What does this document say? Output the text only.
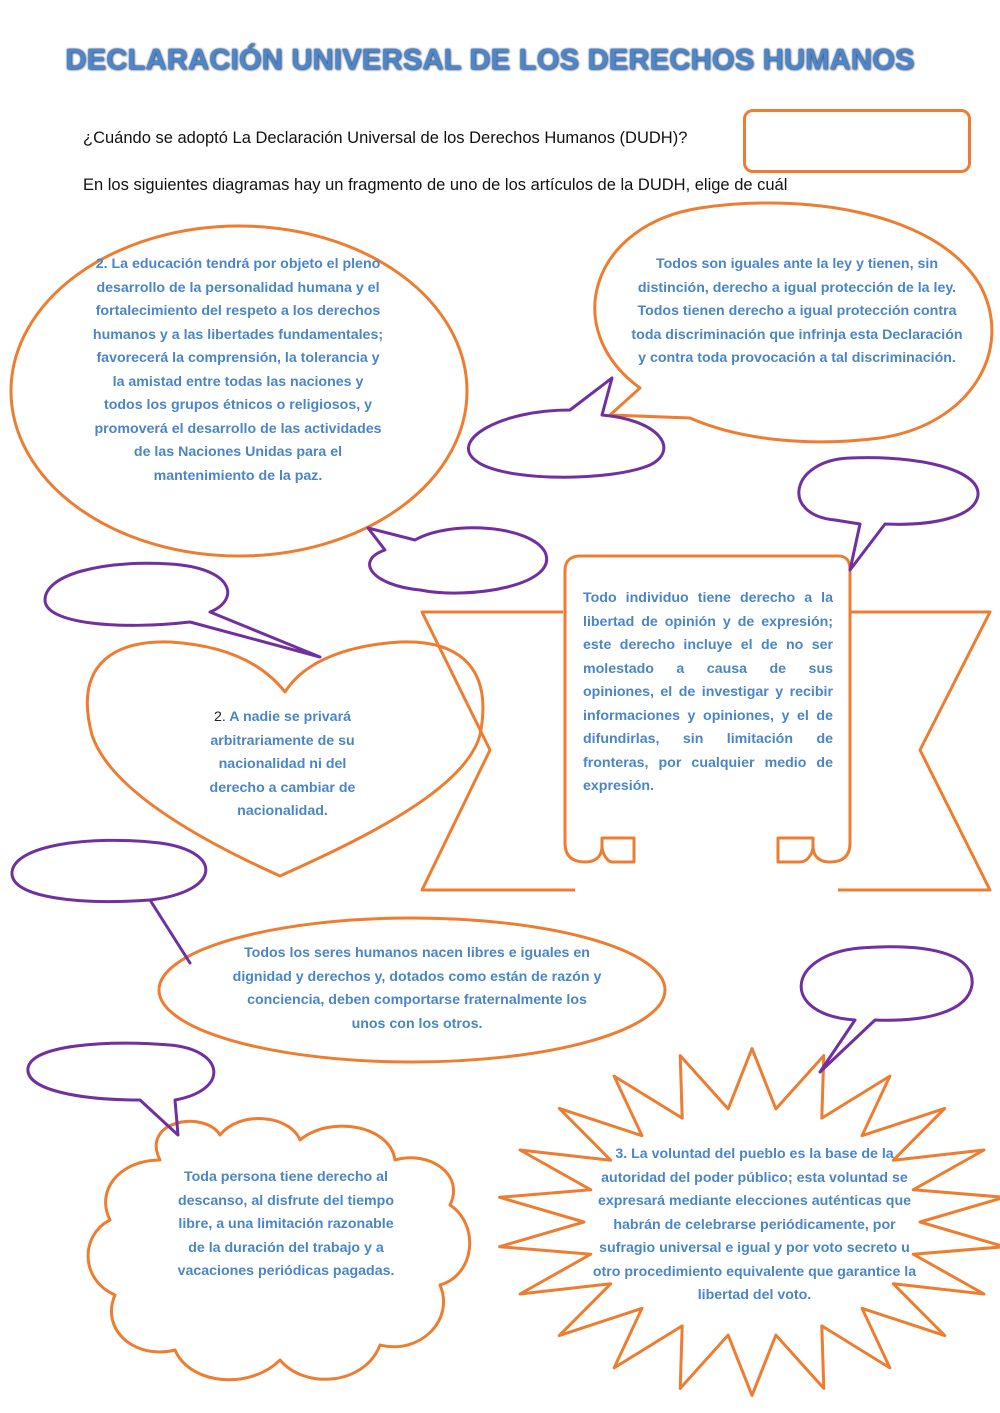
DECLARACIÓN UNIVERSAL DE LOS DERECHOS HUMANOS
¿Cuándo se adoptó La Declaración Universal de los Derechos Humanos (DUDH)?
En los siguientes diagramas hay un fragmento de uno de los artículos de la DUDH, elige de cuál
2. La educación tendrá por objeto el pleno desarrollo de la personalidad humana y el fortalecimiento del respeto a los derechos humanos y a las libertades fundamentales; favorecerá la comprensión, la tolerancia y la amistad entre todas las naciones y todos los grupos étnicos o religiosos, y promoverá el desarrollo de las actividades de las Naciones Unidas para el mantenimiento de la paz.
Todos son iguales ante la ley y tienen, sin distinción, derecho a igual protección de la ley. Todos tienen derecho a igual protección contra toda discriminación que infrinja esta Declaración y contra toda provocación a tal discriminación.
2. A nadie se privará arbitrariamente de su nacionalidad ni del derecho a cambiar de nacionalidad.
Todo individuo tiene derecho a la libertad de opinión y de expresión; este derecho incluye el de no ser molestado a causa de sus opiniones, el de investigar y recibir informaciones y opiniones, y el de difundirlas, sin limitación de fronteras, por cualquier medio de expresión.
Todos los seres humanos nacen libres e iguales en dignidad y derechos y, dotados como están de razón y conciencia, deben comportarse fraternalmente los unos con los otros.
Toda persona tiene derecho al descanso, al disfrute del tiempo libre, a una limitación razonable de la duración del trabajo y a vacaciones periódicas pagadas.
3. La voluntad del pueblo es la base de la autoridad del poder público; esta voluntad se expresará mediante elecciones auténticas que habrán de celebrarse periódicamente, por sufragio universal e igual y por voto secreto u otro procedimiento equivalente que garantice la libertad del voto.
